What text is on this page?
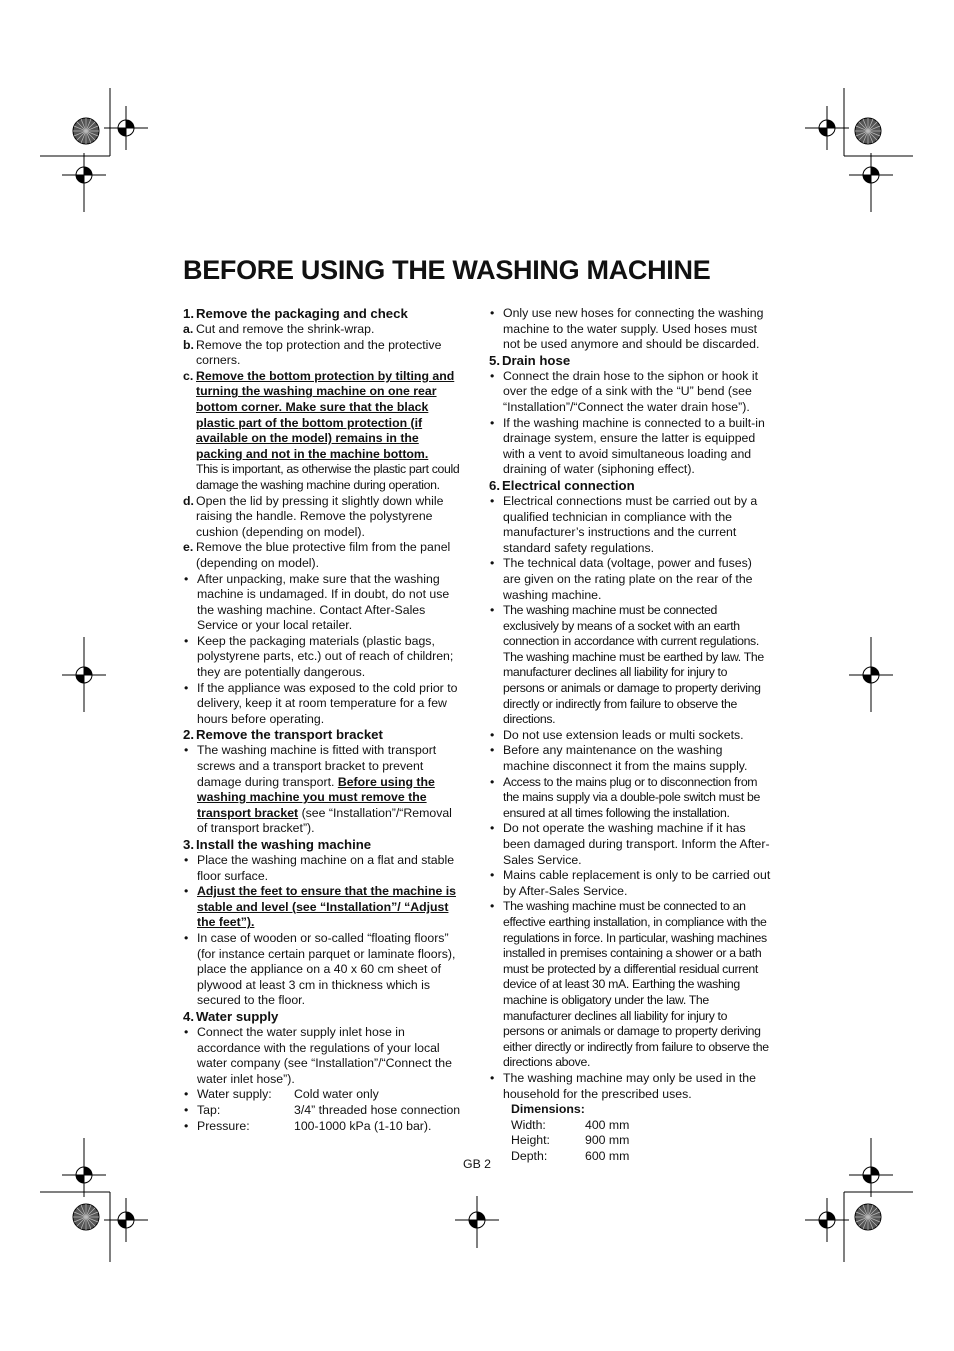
BEFORE USING THE WASHING MACHINE
1. Remove the packaging and check
a. Cut and remove the shrink-wrap.
b. Remove the top protection and the protective corners.
c. Remove the bottom protection by tilting and turning the washing machine on one rear bottom corner. Make sure that the black plastic part of the bottom protection (if available on the model) remains in the packing and not in the machine bottom.
This is important, as otherwise the plastic part could damage the washing machine during operation.
d. Open the lid by pressing it slightly down while raising the handle. Remove the polystyrene cushion (depending on model).
e. Remove the blue protective film from the panel (depending on model).
• After unpacking, make sure that the washing machine is undamaged. If in doubt, do not use the washing machine. Contact After-Sales Service or your local retailer.
• Keep the packaging materials (plastic bags, polystyrene parts, etc.) out of reach of children; they are potentially dangerous.
• If the appliance was exposed to the cold prior to delivery, keep it at room temperature for a few hours before operating.
2. Remove the transport bracket
• The washing machine is fitted with transport screws and a transport bracket to prevent damage during transport. Before using the washing machine you must remove the transport bracket (see “Installation”/“Removal of transport bracket”).
3. Install the washing machine
• Place the washing machine on a flat and stable floor surface.
• Adjust the feet to ensure that the machine is stable and level (see “Installation”/ “Adjust the feet”).
• In case of wooden or so-called “floating floors” (for instance certain parquet or laminate floors), place the appliance on a 40 x 60 cm sheet of plywood at least 3 cm in thickness which is secured to the floor.
4. Water supply
• Connect the water supply inlet hose in accordance with the regulations of your local water company (see “Installation”/“Connect the water inlet hose”).
• Water supply:	Cold water only
• Tap:	3/4” threaded hose connection
• Pressure:	100-1000 kPa (1-10 bar).
• Only use new hoses for connecting the washing machine to the water supply. Used hoses must not be used anymore and should be discarded.
5. Drain hose
• Connect the drain hose to the siphon or hook it over the edge of a sink with the “U” bend (see “Installation”/“Connect the water drain hose”).
• If the washing machine is connected to a built-in drainage system, ensure the latter is equipped with a vent to avoid simultaneous loading and draining of water (siphoning effect).
6. Electrical connection
• Electrical connections must be carried out by a qualified technician in compliance with the manufacturer’s instructions and the current standard safety regulations.
• The technical data (voltage, power and fuses) are given on the rating plate on the rear of the washing machine.
• The washing machine must be connected exclusively by means of a socket with an earth connection in accordance with current regulations. The washing machine must be earthed by law. The manufacturer declines all liability for injury to persons or animals or damage to property deriving directly or indirectly from failure to observe the directions.
• Do not use extension leads or multi sockets.
• Before any maintenance on the washing machine disconnect it from the mains supply.
• Access to the mains plug or to disconnection from the mains supply via a double-pole switch must be ensured at all times following the installation.
• Do not operate the washing machine if it has been damaged during transport. Inform the After-Sales Service.
• Mains cable replacement is only to be carried out by After-Sales Service.
• The washing machine must be connected to an effective earthing installation, in compliance with the regulations in force. In particular, washing machines installed in premises containing a shower or a bath must be protected by a differential residual current device of at least 30 mA. Earthing the washing machine is obligatory under the law. The manufacturer declines all liability for injury to persons or animals or damage to property deriving either directly or indirectly from failure to observe the directions above.
• The washing machine may only be used in the household for the prescribed uses.
Dimensions:
Width:	400 mm
Height:	900 mm
Depth:	600 mm
GB 2
